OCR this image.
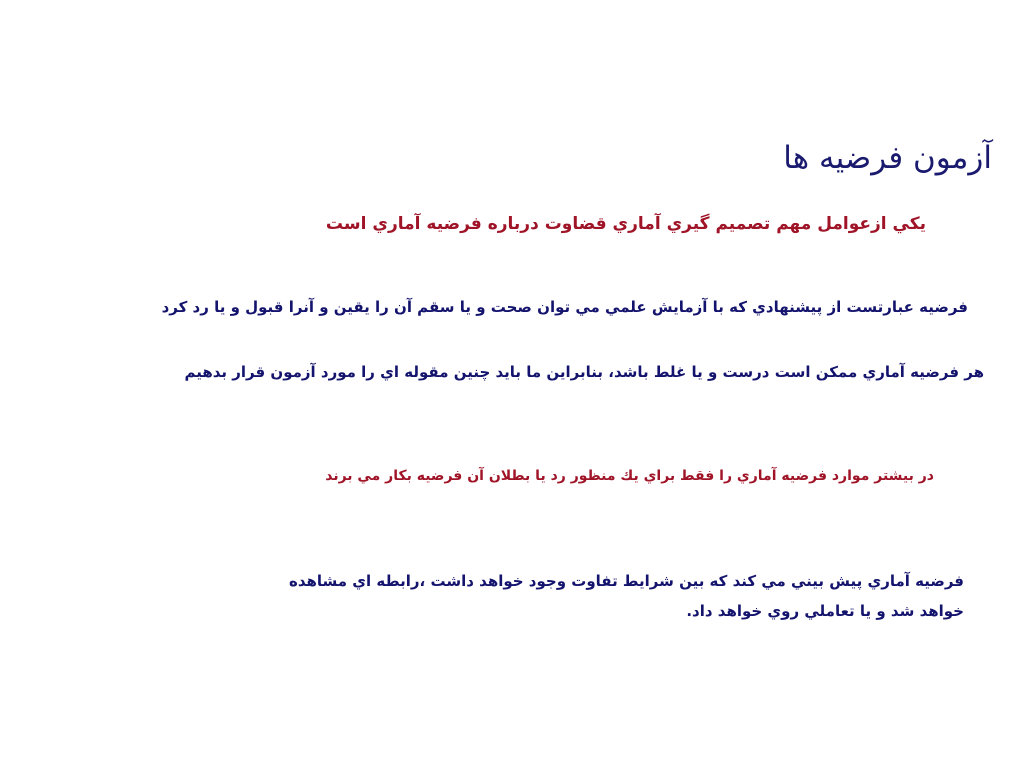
آزمون فرضيه ها

يكي ازعوامل مهم تصميم گيري آماري قضاوت درباره فرضيه آماري است

فرضيه عبارتست از پيشنهادي كه با آزمايش علمي مي توان صحت و يا سقم آن را يقين و آنرا قبول و يا رد كرد

هر فرضيه آماري ممكن است درست و يا غلط باشد، بنابراين ما بايد چنين مقوله اي را مورد آزمون قرار بدهيم

در بيشتر موارد فرضيه آماري را فقط براي يك منظور رد يا بطلان آن فرضيه بكار مي برند

فرضيه آماري پيش بيني مي كند كه بين شرايط تفاوت وجود خواهد داشت ،رابطه اي مشاهده خواهد شد و يا تعاملي روي خواهد داد.
